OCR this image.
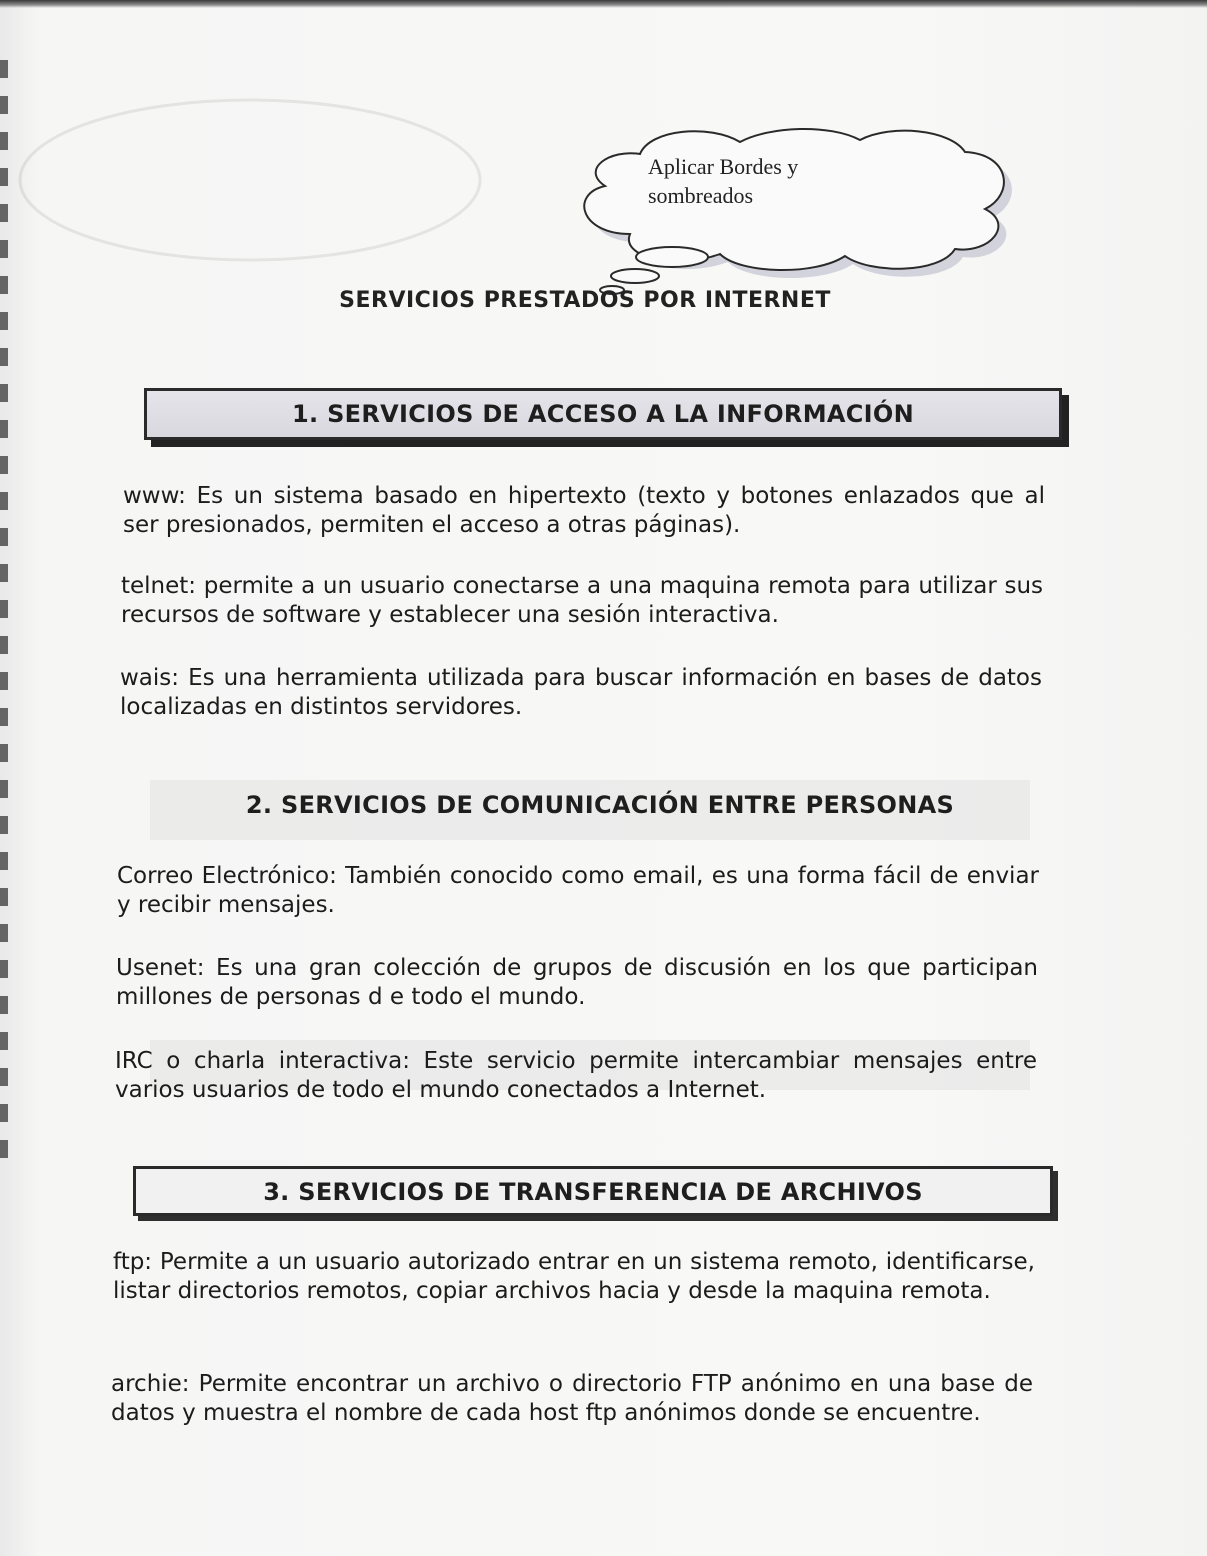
Aplicar Bordes y sombreados
SERVICIOS PRESTADOS POR INTERNET
1. SERVICIOS DE ACCESO A LA INFORMACIÓN
www: Es un sistema basado en hipertexto (texto y botones enlazados que al ser presionados, permiten el acceso a otras páginas).
telnet: permite a un usuario conectarse a una maquina remota para utilizar sus recursos de software y establecer una sesión interactiva.
wais: Es una herramienta utilizada para buscar información en bases de datos localizadas en distintos servidores.
2. SERVICIOS DE COMUNICACIÓN ENTRE PERSONAS
Correo Electrónico: También conocido como email, es una forma fácil de enviar y recibir mensajes.
Usenet: Es una gran colección de grupos de discusión en los que participan millones de personas d e todo el mundo.
IRC o charla interactiva: Este servicio permite intercambiar mensajes entre varios usuarios de todo el mundo conectados a Internet.
3. SERVICIOS DE TRANSFERENCIA DE ARCHIVOS
ftp: Permite a un usuario autorizado entrar en un sistema remoto, identificarse, listar directorios remotos, copiar archivos hacia y desde la maquina remota.
archie: Permite encontrar un archivo o directorio FTP anónimo en una base de datos y muestra el nombre de cada host ftp anónimos donde se encuentre.
